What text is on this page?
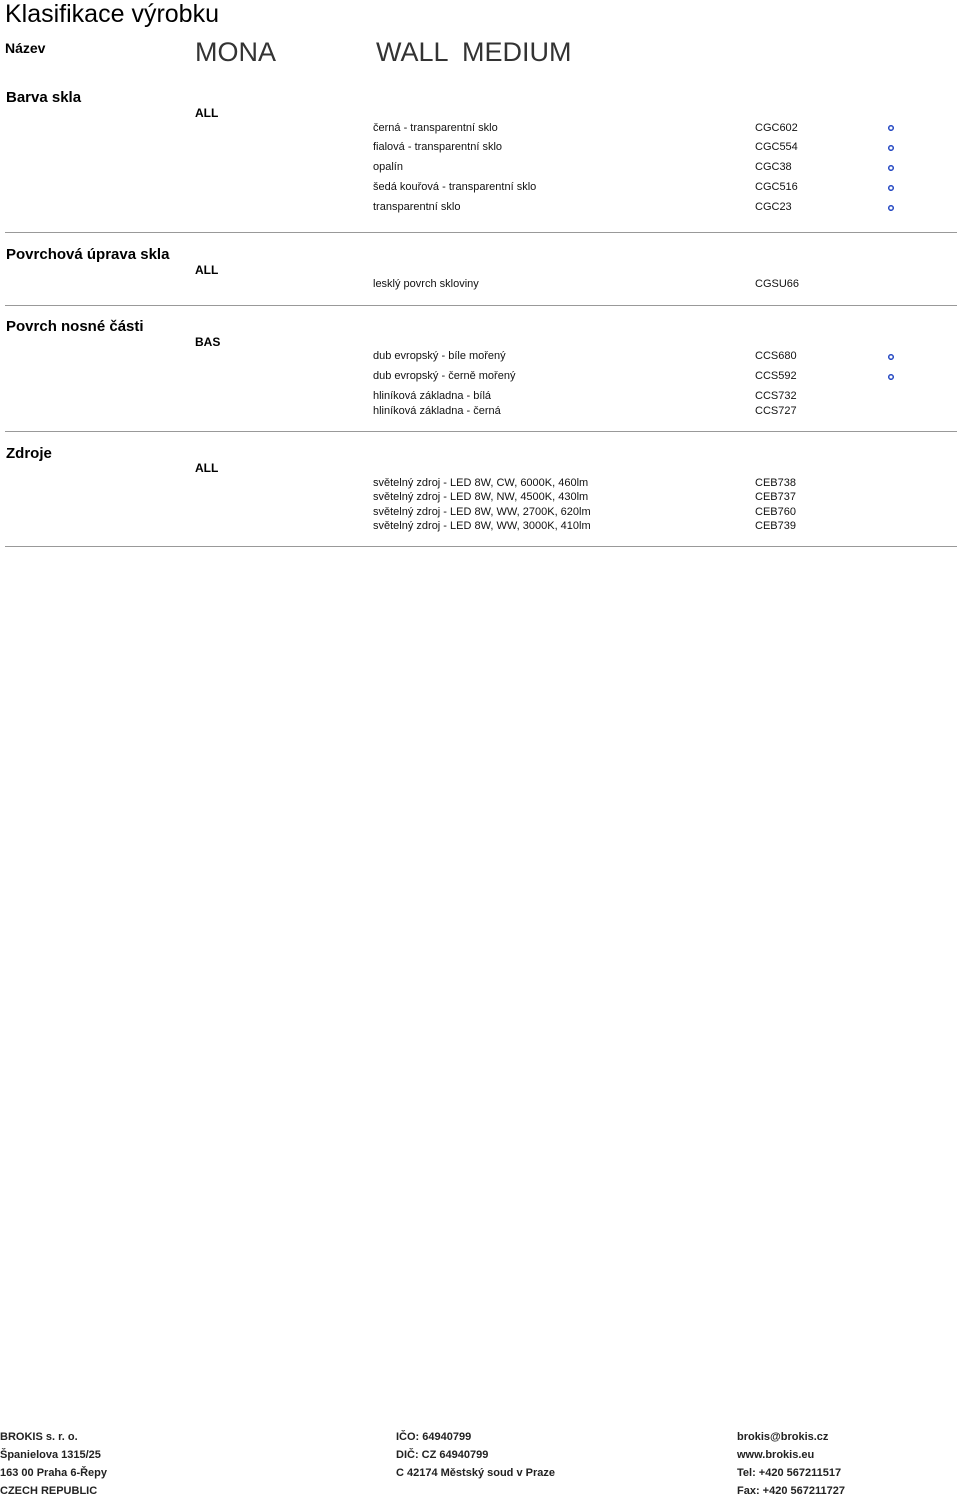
Klasifikace výrobku
Název	MONA	WALL MEDIUM
Barva skla
ALL
černá - transparentní sklo	CGC602
fialová - transparentní sklo	CGC554
opalín	CGC38
šedá kouřová - transparentní sklo	CGC516
transparentní sklo	CGC23
Povrchová úprava skla
ALL
lesklý povrch skloviny	CGSU66
Povrch nosné části
BAS
dub evropský - bíle mořený	CCS680
dub evropský - černě mořený	CCS592
hliníková základna - bílá	CCS732
hliníková základna - černá	CCS727
Zdroje
ALL
světelný zdroj - LED 8W, CW, 6000K, 460lm	CEB738
světelný zdroj - LED 8W, NW, 4500K, 430lm	CEB737
světelný zdroj - LED 8W, WW, 2700K, 620lm	CEB760
světelný zdroj - LED 8W, WW, 3000K, 410lm	CEB739
BROKIS s. r. o.
Španielova 1315/25
163 00 Praha 6-Řepy
CZECH REPUBLIC
IČO: 64940799
DIČ: CZ 64940799
C 42174 Městský soud v Praze
brokis@brokis.cz
www.brokis.eu
Tel: +420 567211517
Fax: +420 567211727
